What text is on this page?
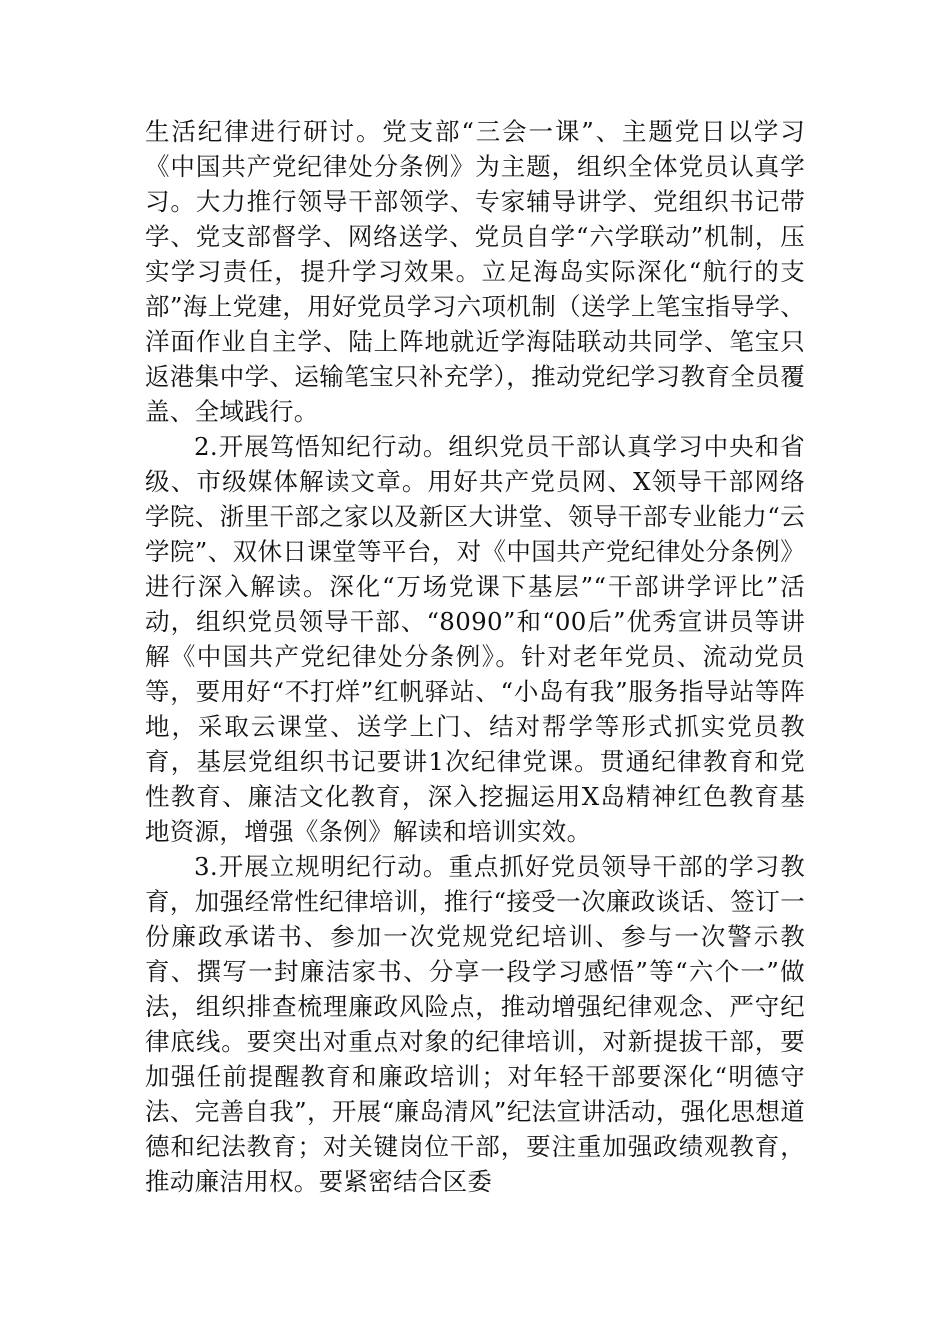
生活纪律进行研讨。党支部“三会一课”、主题党日以学习《中国共产党纪律处分条例》为主题，组织全体党员认真学习。大力推行领导干部领学、专家辅导讲学、党组织书记带学、党支部督学、网络送学、党员自学“六学联动”机制，压实学习责任，提升学习效果。立足海岛实际深化“航行的支部”海上党建，用好党员学习六项机制（送学上笔宝指导学、洋面作业自主学、陆上阵地就近学海陆联动共同学、笔宝只返港集中学、运输笔宝只补充学），推动党纪学习教育全员覆盖、全域践行。

2.开展笃悟知纪行动。组织党员干部认真学习中央和省级、市级媒体解读文章。用好共产党员网、X领导干部网络学院、浙里干部之家以及新区大讲堂、领导干部专业能力“云学院”、双休日课堂等平台，对《中国共产党纪律处分条例》进行深入解读。深化“万场党课下基层”“干部讲学评比”活动，组织党员领导干部、“8090”和“00后”优秀宣讲员等讲解《中国共产党纪律处分条例》。针对老年党员、流动党员等，要用好“不打烊”红帆驿站、“小岛有我”服务指导站等阵地，采取云课堂、送学上门、结对帮学等形式抓实党员教育，基层党组织书记要讲1次纪律党课。贯通纪律教育和党性教育、廉洁文化教育，深入挖掘运用X岛精神红色教育基地资源，增强《条例》解读和培训实效。

3.开展立规明纪行动。重点抓好党员领导干部的学习教育，加强经常性纪律培训，推行“接受一次廉政谈话、签订一份廉政承诺书、参加一次党规党纪培训、参与一次警示教育、撰写一封廉洁家书、分享一段学习感悟”等“六个一”做法，组织排查梳理廉政风险点，推动增强纪律观念、严守纪律底线。要突出对重点对象的纪律培训，对新提拔干部，要加强任前提醒教育和廉政培训；对年轻干部要深化“明德守法、完善自我”，开展“廉岛清风”纪法宣讲活动，强化思想道德和纪法教育；对关键岗位干部，要注重加强政绩观教育，推动廉洁用权。要紧密结合区委
